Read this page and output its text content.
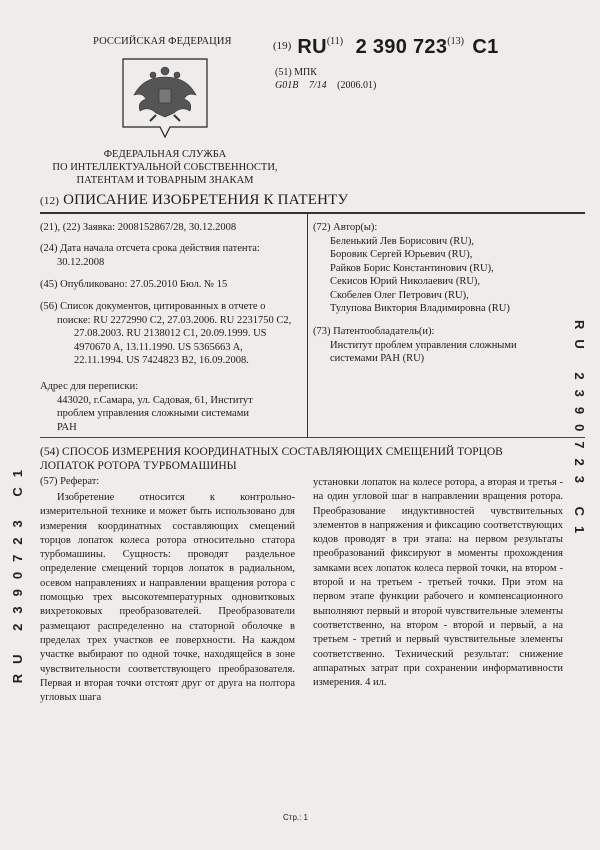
РОССИЙСКАЯ ФЕДЕРАЦИЯ
ФЕДЕРАЛЬНАЯ СЛУЖБА
ПО ИНТЕЛЛЕКТУАЛЬНОЙ СОБСТВЕННОСТИ,
ПАТЕНТАМ И ТОВАРНЫМ ЗНАКАМ
$^{(19)}$ RU$^{(11)}$ 2 390 723$^{(13)}$ C1
(51) МПК
G01B 7/14 (2006.01)
(12) ОПИСАНИЕ ИЗОБРЕТЕНИЯ К ПАТЕНТУ
(21), (22) Заявка: 2008152867/28, 30.12.2008
(24) Дата начала отсчета срока действия патента:
30.12.2008
(45) Опубликовано: 27.05.2010 Бюл. № 15
(56) Список документов, цитированных в отчете о
поиске: RU 2272990 C2, 27.03.2006. RU 2231750 C2,
27.08.2003. RU 2138012 C1, 20.09.1999. US
4970670 A, 13.11.1990. US 5365663 A,
22.11.1994. US 7424823 B2, 16.09.2008.
Адрес для переписки:
443020, г.Самара, ул. Садовая, 61, Институт
проблем управления сложными системами
РАН
(72) Автор(ы):
Беленький Лев Борисович (RU),
Боровик Сергей Юрьевич (RU),
Райков Борис Константинович (RU),
Секисов Юрий Николаевич (RU),
Скобелев Олег Петрович (RU),
Тулупова Виктория Владимировна (RU)
(73) Патентообладатель(и):
Институт проблем управления сложными
системами РАН (RU)
(54) СПОСОБ ИЗМЕРЕНИЯ КООРДИНАТНЫХ СОСТАВЛЯЮЩИХ СМЕЩЕНИЙ ТОРЦОВ
ЛОПАТОК РОТОРА ТУРБОМАШИНЫ
(57) Реферат:
Изобретение относится к контрольно-измерительной технике и может быть использовано для измерения координатных составляющих смещений торцов лопаток колеса ротора относительно статора турбомашины. Сущность: проводят раздельное определение смещений торцов лопаток в радиальном, осевом направлениях и направлении вращения ротора с помощью трех высокотемпературных одновитковых вихретоковых преобразователей. Преобразователи размещают распределенно на статорной оболочке в пределах трех участков ее поверхности. На каждом участке выбирают по одной точке, находящейся в зоне чувствительности соответствующего преобразователя. Первая и вторая точки отстоят друг от друга на полтора угловых шага
установки лопаток на колесе ротора, а вторая и третья - на один угловой шаг в направлении вращения ротора. Преобразование индуктивностей чувствительных элементов в напряжения и фиксацию соответствующих кодов проводят в три этапа: на первом результаты преобразований фиксируют в моменты прохождения замками всех лопаток колеса первой точки, на втором - второй и на третьем - третьей точки. При этом на первом этапе функции рабочего и компенсационного выполняют первый и второй чувствительные элементы соответственно, на втором - второй и первый, а на третьем - третий и первый чувствительные элементы соответственно. Технический результат: снижение аппаратных затрат при сохранении информативности измерения. 4 ил.
RU 2390723 C1
RU 2390723 C1
Стр.: 1
